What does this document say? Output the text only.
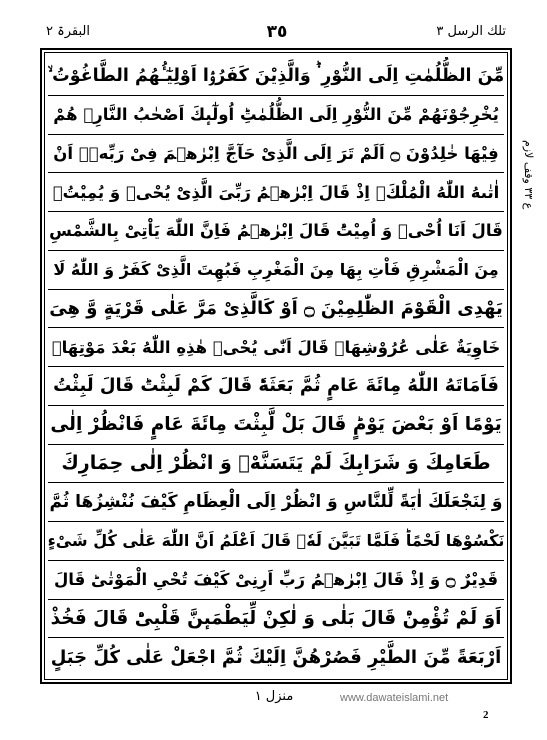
البقرۃ ٢	٣٥	تلك الرسل ٣
مِّنَ الظُّلُمٰتِ اِلَى النُّوْرِ ۬ؕ وَالَّذِیْنَ كَفَرُوْۤا اَوْلِیٰٓـُٔهُمُ الطَّاغُوْتُ ۙ
یُخْرِجُوْنَهُمْ مِّنَ النُّوْرِ اِلَى الظُّلُمٰتِؕ اُولٰٓىٕكَ اَصْحٰبُ النَّارِۚ هُمْ
فِیْهَا خٰلِدُوْنَ ۝ اَلَمْ تَرَ اِلَى الَّذِیْ حَآجَّ اِبْرٰهٖمَ فِیْ رَبِّهٖۤ اَنْ
اٰتٰىهُ اللّٰهُ الْمُلْكَۘ اِذْ قَالَ اِبْرٰهٖمُ رَبِّیَ الَّذِیْ یُحْیٖ وَ یُمِیْتُۙ
قَالَ اَنَا اُحْیٖ وَ اُمِیْتُؕ قَالَ اِبْرٰهٖمُ فَاِنَّ اللّٰهَ یَاْتِیْ بِالشَّمْسِ
مِنَ الْمَشْرِقِ فَاْتِ بِهَا مِنَ الْمَغْرِبِ فَبُهِتَ الَّذِیْ كَفَرَؕ وَ اللّٰهُ لَا
یَهْدِی الْقَوْمَ الظّٰلِمِیْنَ ۝ اَوْ كَالَّذِیْ مَرَّ عَلٰى قَرْیَةٍ وَّ هِیَ
خَاوِیَةٌ عَلٰى عُرُوْشِهَاۚ قَالَ اَنّٰى یُحْیٖ هٰذِهِ اللّٰهُ بَعْدَ مَوْتِهَاۚ
فَاَمَاتَهُ اللّٰهُ مِائَةَ عَامٍ ثُمَّ بَعَثَهٗؕ قَالَ كَمْ لَبِثْتَؕ قَالَ لَبِثْتُ
یَوْمًا اَوْ بَعْضَ یَوْمٍؕ قَالَ بَلْ لَّبِثْتَ مِائَةَ عَامٍ فَانْظُرْ اِلٰى
طَعَامِكَ وَ شَرَابِكَ لَمْ یَتَسَنَّهْۚ وَ انْظُرْ اِلٰى حِمَارِكَ
وَ لِنَجْعَلَكَ اٰیَةً لِّلنَّاسِ وَ انْظُرْ اِلَى الْعِظَامِ كَیْفَ نُنْشِزُهَا ثُمَّ
نَكْسُوْهَا لَحْمًاؕ فَلَمَّا تَبَیَّنَ لَهٗۙ قَالَ اَعْلَمُ اَنَّ اللّٰهَ عَلٰى كُلِّ شَیْءٍ
قَدِیْرٌ ۝ وَ اِذْ قَالَ اِبْرٰهٖمُ رَبِّ اَرِنِیْ كَیْفَ تُحْیِ الْمَوْتٰىؕ قَالَ
اَوَ لَمْ تُؤْمِنْؕ قَالَ بَلٰى وَ لٰكِنْ لِّیَطْمَىٕنَّ قَلْبِیْؕ قَالَ فَخُذْ
اَرْبَعَةً مِّنَ الطَّیْرِ فَصُرْهُنَّ اِلَیْكَ ثُمَّ اجْعَلْ عَلٰى كُلِّ جَبَلٍ
ع ۳٣ وقف لازم
منزل ١	www.dawateislami.net
2
